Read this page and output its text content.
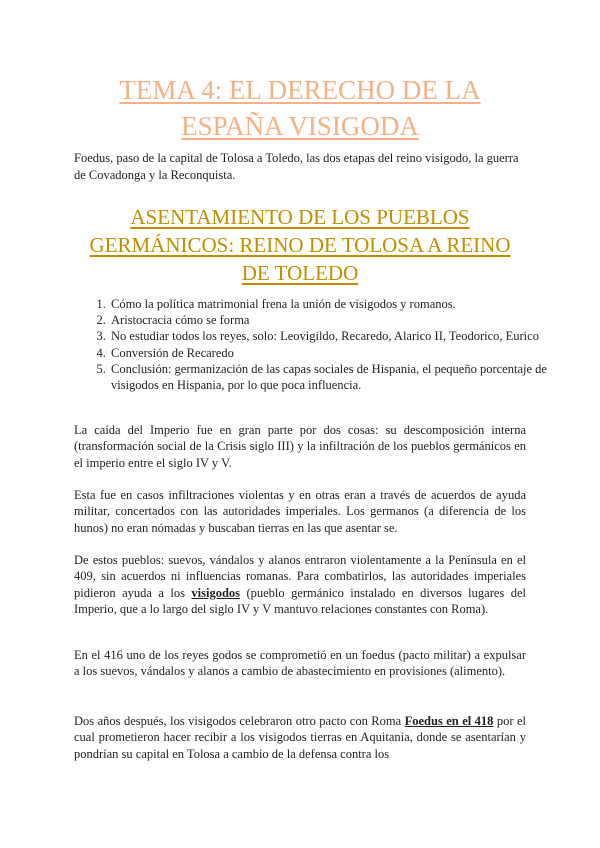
TEMA 4: EL DERECHO DE LA
ESPAÑA VISIGODA

Foedus, paso de la capital de Tolosa a Toledo, las dos etapas del reino visigodo, la guerra de Covadonga y la Reconquista.

ASENTAMIENTO DE LOS PUEBLOS
GERMÁNICOS: REINO DE TOLOSA A REINO
DE TOLEDO
1. Cómo la política matrimonial frena la unión de visigodos y romanos.
2. Aristocracia cómo se forma
3. No estudiar todos los reyes, solo: Leovigildo, Recaredo, Alarico II, Teodorico, Eurico
4. Conversión de Recaredo
5. Conclusión: germanización de las capas sociales de Hispania, el pequeño porcentaje de visigodos en Hispania, por lo que poca influencia.

La caída del Imperio fue en gran parte por dos cosas: su descomposición interna (transformación social de la Crisis siglo III) y la infiltración de los pueblos germánicos en el imperio entre el siglo IV y V.

Esta fue en casos infiltraciones violentas y en otras eran a través de acuerdos de ayuda militar, concertados con las autoridades imperiales. Los germanos (a diferencia de los hunos) no eran nómadas y buscaban tierras en las que asentar se.

De estos pueblos: suevos, vándalos y alanos entraron violentamente a la Península en el 409, sin acuerdos ni influencias romanas. Para combatirlos, las autoridades imperiales pidieron ayuda a los visigodos (pueblo germánico instalado en diversos lugares del Imperio, que a lo largo del siglo IV y V mantuvo relaciones constantes con Roma).

En el 416 uno de los reyes godos se comprometió en un foedus (pacto militar) a expulsar a los suevos, vándalos y alanos a cambio de abastecimiento en provisiones (alimento).

Dos años después, los visigodos celebraron otro pacto con Roma Foedus en el 418 por el cual prometieron hacer recibir a los visigodos tierras en Aquitania, donde se asentarían y pondrían su capital en Tolosa a cambio de la defensa contra los
